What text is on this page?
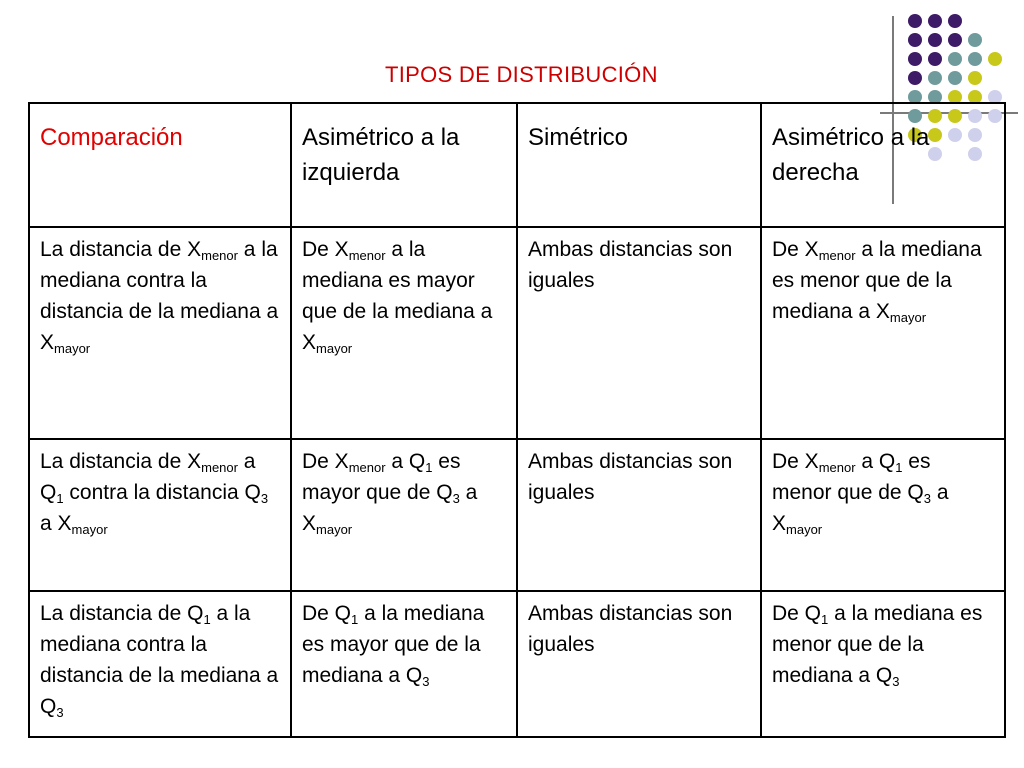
TIPOS DE DISTRIBUCIÓN
Comparación	Asimétrico a la izquierda	Simétrico	Asimétrico a la derecha
La distancia de $X_{menor}$ a la mediana contra la distancia de la mediana a $X_{mayor}$	De $X_{menor}$ a la mediana es mayor que de la mediana a $X_{mayor}$	Ambas distancias son iguales	De $X_{menor}$ a la mediana es menor que de la mediana a $X_{mayor}$
La distancia de $X_{menor}$ a $Q_1$ contra la distancia $Q_3$ a $X_{mayor}$	De $X_{menor}$ a $Q_1$ es mayor que de $Q_3$ a $X_{mayor}$	Ambas distancias son iguales	De $X_{menor}$ a $Q_1$ es menor que de $Q_3$ a $X_{mayor}$
La distancia de $Q_1$ a la mediana contra la distancia de la mediana a $Q_3$	De $Q_1$ a la mediana es mayor que de la mediana a $Q_3$	Ambas distancias son iguales	De $Q_1$ a la mediana es menor que de la mediana a $Q_3$
